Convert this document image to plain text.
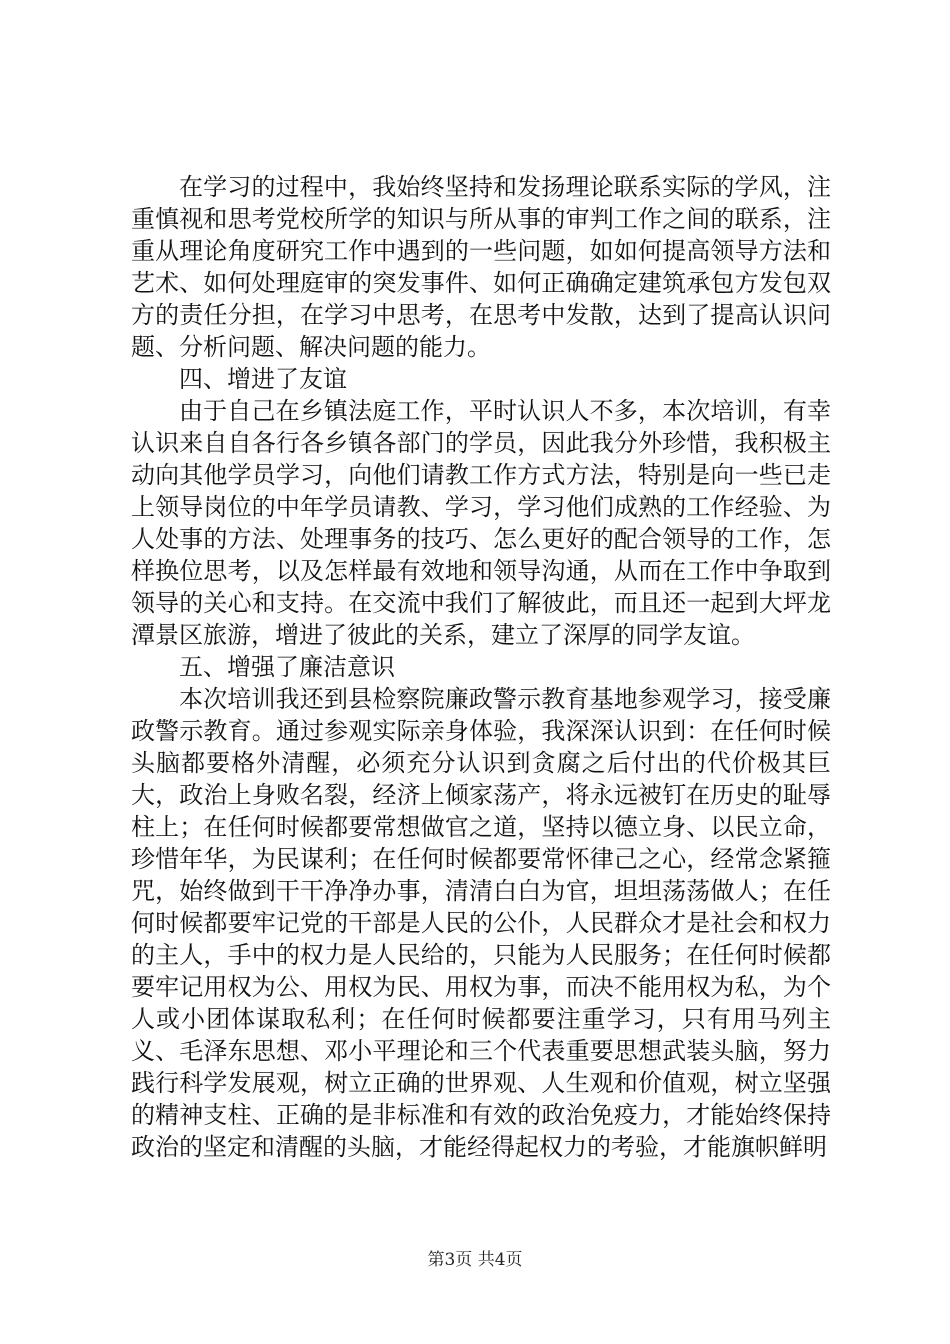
在学习的过程中，我始终坚持和发扬理论联系实际的学风，注重慎视和思考党校所学的知识与所从事的审判工作之间的联系，注重从理论角度研究工作中遇到的一些问题，如如何提高领导方法和艺术、如何处理庭审的突发事件、如何正确确定建筑承包方发包双方的责任分担，在学习中思考，在思考中发散，达到了提高认识问题、分析问题、解决问题的能力。

四、增进了友谊

由于自己在乡镇法庭工作，平时认识人不多，本次培训，有幸认识来自自各行各乡镇各部门的学员，因此我分外珍惜，我积极主动向其他学员学习，向他们请教工作方式方法，特别是向一些已走上领导岗位的中年学员请教、学习，学习他们成熟的工作经验、为人处事的方法、处理事务的技巧、怎么更好的配合领导的工作，怎样换位思考，以及怎样最有效地和领导沟通，从而在工作中争取到领导的关心和支持。在交流中我们了解彼此，而且还一起到大坪龙潭景区旅游，增进了彼此的关系，建立了深厚的同学友谊。

五、增强了廉洁意识

本次培训我还到县检察院廉政警示教育基地参观学习，接受廉政警示教育。通过参观实际亲身体验，我深深认识到：在任何时候头脑都要格外清醒，必须充分认识到贪腐之后付出的代价极其巨大，政治上身败名裂，经济上倾家荡产，将永远被钉在历史的耻辱柱上；在任何时候都要常想做官之道，坚持以德立身、以民立命，珍惜年华，为民谋利；在任何时候都要常怀律己之心，经常念紧箍咒，始终做到干干净净办事，清清白白为官，坦坦荡荡做人；在任何时候都要牢记党的干部是人民的公仆，人民群众才是社会和权力的主人，手中的权力是人民给的，只能为人民服务；在任何时候都要牢记用权为公、用权为民、用权为事，而决不能用权为私，为个人或小团体谋取私利；在任何时候都要注重学习，只有用马列主义、毛泽东思想、邓小平理论和三个代表重要思想武装头脑，努力践行科学发展观，树立正确的世界观、人生观和价值观，树立坚强的精神支柱、正确的是非标准和有效的政治免疫力，才能始终保持政治的坚定和清醒的头脑，才能经得起权力的考验，才能旗帜鲜明

第3页 共4页
